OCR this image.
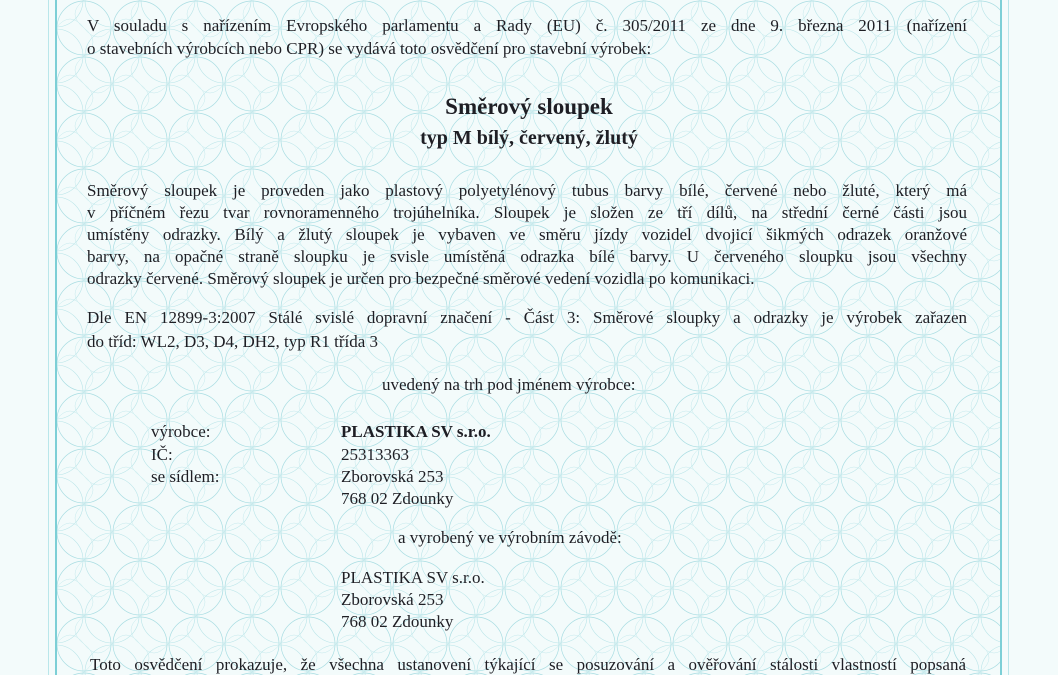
V souladu s nařízením Evropského parlamentu a Rady (EU) č. 305/2011 ze dne 9. března 2011 (nařízení
o stavebních výrobcích nebo CPR) se vydává toto osvědčení pro stavební výrobek:
Směrový sloupek
typ M bílý, červený, žlutý
Směrový sloupek je proveden jako plastový polyetylénový tubus barvy bílé, červené nebo žluté, který má
v příčném řezu tvar rovnoramenného trojúhelníka. Sloupek je složen ze tří dílů, na střední černé části jsou
umístěny odrazky. Bílý a žlutý sloupek je vybaven ve směru jízdy vozidel dvojicí šikmých odrazek oranžové
barvy, na opačné straně sloupku je svisle umístěná odrazka bílé barvy. U červeného sloupku jsou všechny
odrazky červené. Směrový sloupek je určen pro bezpečné směrové vedení vozidla po komunikaci.
Dle EN 12899-3:2007 Stálé svislé dopravní značení - Část 3: Směrové sloupky a odrazky je výrobek zařazen
do tříd: WL2, D3, D4, DH2, typ R1 třída 3
uvedený na trh pod jménem výrobce:
výrobce:
IČ:
se sídlem:
PLASTIKA SV s.r.o.
25313363
Zborovská 253
768 02 Zdounky
a vyrobený ve výrobním závodě:
PLASTIKA SV s.r.o.
Zborovská 253
768 02 Zdounky
Toto osvědčení prokazuje, že všechna ustanovení týkající se posuzování a ověřování stálosti vlastností popsaná
